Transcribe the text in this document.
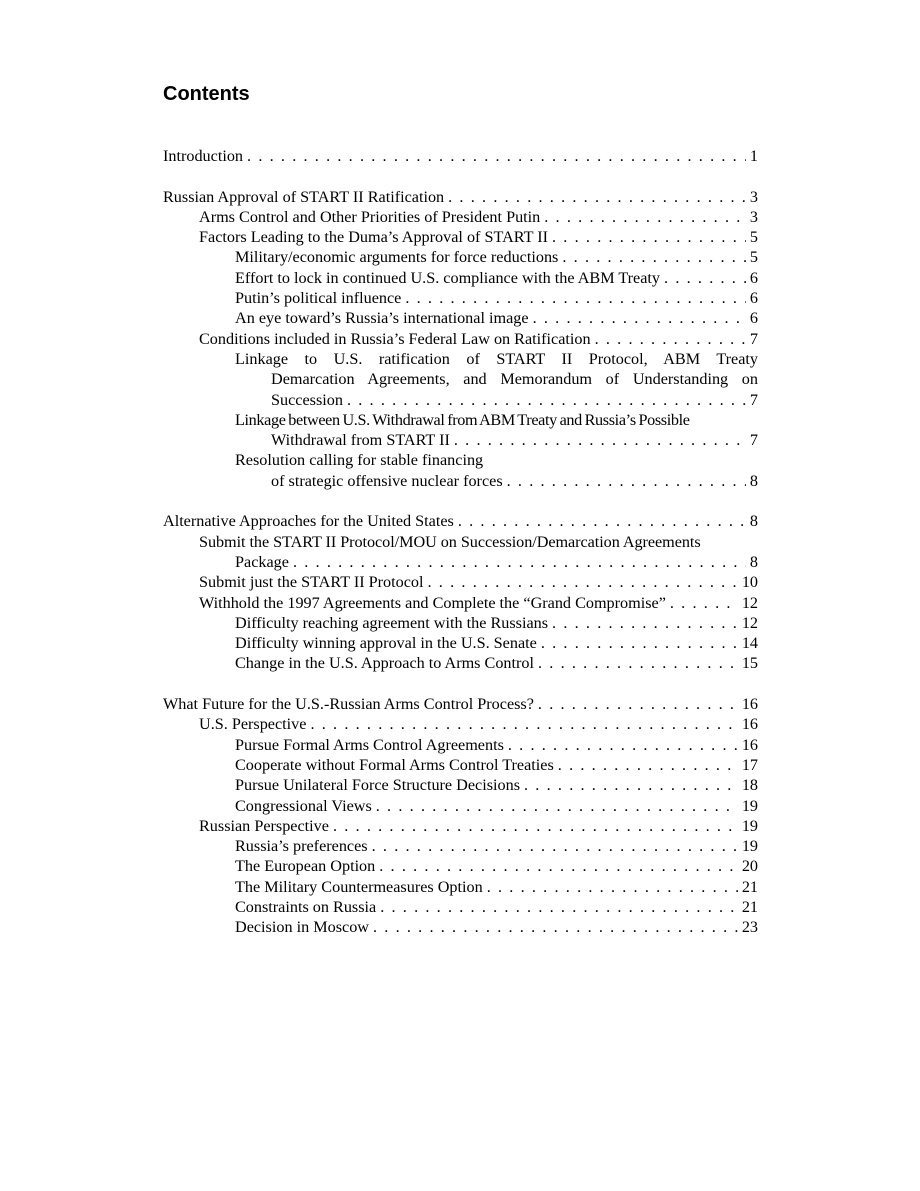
Contents
Introduction . . .	1
Russian Approval of START II Ratification . . .	3
Arms Control and Other Priorities of President Putin . . .	3
Factors Leading to the Duma’s Approval of START II . . .	5
Military/economic arguments for force reductions . . .	5
Effort to lock in continued U.S. compliance with the ABM Treaty . . .	6
Putin’s political influence . . .	6
An eye toward’s Russia’s international image . . .	6
Conditions included in Russia’s Federal Law on Ratification . . .	7
Linkage to U.S. ratification of START II Protocol, ABM Treaty
Demarcation Agreements, and Memorandum of Understanding on
Succession . . .	7
Linkage between U.S. Withdrawal from ABM Treaty and Russia’s Possible
Withdrawal from START II . . .	7
Resolution calling for stable financing
of strategic offensive nuclear forces . . .	8
Alternative Approaches for the United States . . .	8
Submit the START II Protocol/MOU on Succession/Demarcation Agreements
Package . . .	8
Submit just the START II Protocol . . .	10
Withhold the 1997 Agreements and Complete the “Grand Compromise” . . .	12
Difficulty reaching agreement with the Russians . . .	12
Difficulty winning approval in the U.S. Senate . . .	14
Change in the U.S. Approach to Arms Control . . .	15
What Future for the U.S.-Russian Arms Control Process? . . .	16
U.S. Perspective . . .	16
Pursue Formal Arms Control Agreements . . .	16
Cooperate without Formal Arms Control Treaties . . .	17
Pursue Unilateral Force Structure Decisions . . .	18
Congressional Views . . .	19
Russian Perspective . . .	19
Russia’s preferences . . .	19
The European Option . . .	20
The Military Countermeasures Option . . .	21
Constraints on Russia . . .	21
Decision in Moscow . . .	23
